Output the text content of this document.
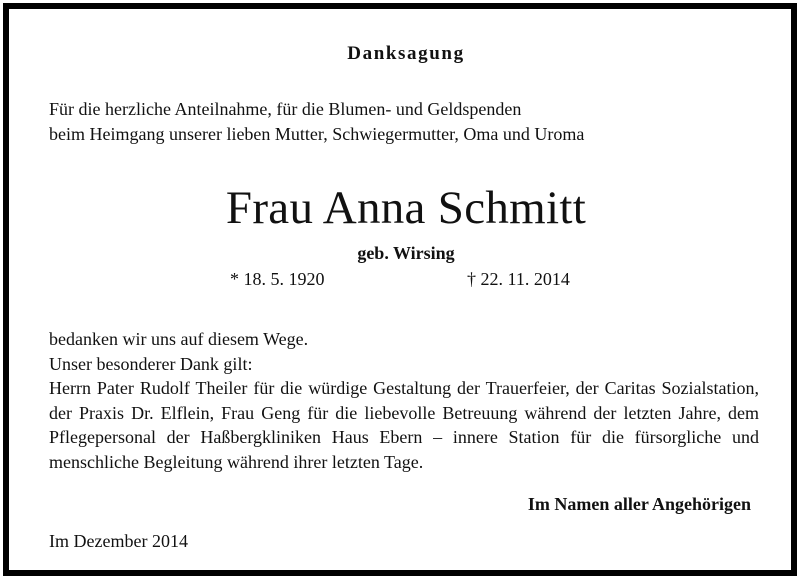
Danksagung
Für die herzliche Anteilnahme, für die Blumen- und Geldspenden
beim Heimgang unserer lieben Mutter, Schwiegermutter, Oma und Uroma
Frau Anna Schmitt
geb. Wirsing
* 18. 5. 1920	† 22. 11. 2014
bedanken wir uns auf diesem Wege.
Unser besonderer Dank gilt:
Herrn Pater Rudolf Theiler für die würdige Gestaltung der Trauerfeier, der Caritas Sozialstation, der Praxis Dr. Elflein, Frau Geng für die liebevolle Betreuung während der letzten Jahre, dem Pflegepersonal der Haßbergkliniken Haus Ebern – innere Station für die fürsorgliche und menschliche Begleitung während ihrer letzten Tage.
Im Namen aller Angehörigen
Im Dezember 2014
